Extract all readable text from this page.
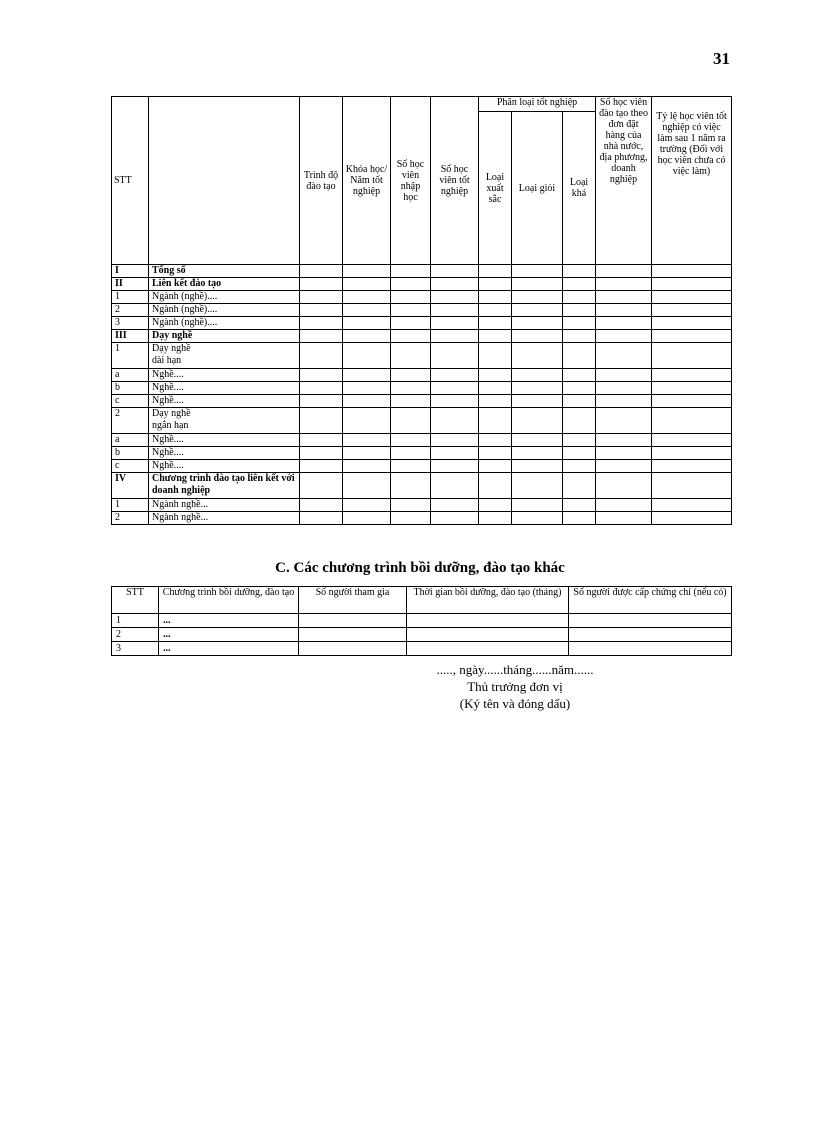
31
STT		Trình độ đào tạo	Khóa học/ Năm tốt nghiệp	Số học viên nhập học	Số học viên tốt nghiệp	Phân loại tốt nghiệp			Số học viên đào tạo theo đơn đặt hàng của nhà nước, địa phương, doanh nghiệp	Tỷ lệ học viên tốt nghiệp có việc làm sau 1 năm ra trường (Đối với học viên chưa có việc làm)
						Loại xuất sắc	Loại giỏi	Loại khá		
I	Tổng số									
II	Liên kết đào tạo									
1	Ngành (nghề)....									
2	Ngành (nghề)....									
3	Ngành (nghề)....									
III	Dạy nghề									
1	Dạy nghề dài hạn									
a	Nghề....									
b	Nghề....									
c	Nghề....									
2	Dạy nghề ngắn hạn									
a	Nghề....									
b	Nghề....									
c	Nghề....									
IV	Chương trình đào tạo liên kết với doanh nghiệp									
1	Ngành nghề...									
2	Ngành nghề...									
C. Các chương trình bồi dưỡng, đào tạo khác
STT	Chương trình bồi dưỡng, đào tạo	Số người tham gia	Thời gian bồi dưỡng, đào tạo (tháng)	Số người được cấp chứng chỉ (nếu có)
1	...			
2	...			
3	...			
....., ngày......tháng......năm......
Thủ trưởng đơn vị
(Ký tên và đóng dấu)
